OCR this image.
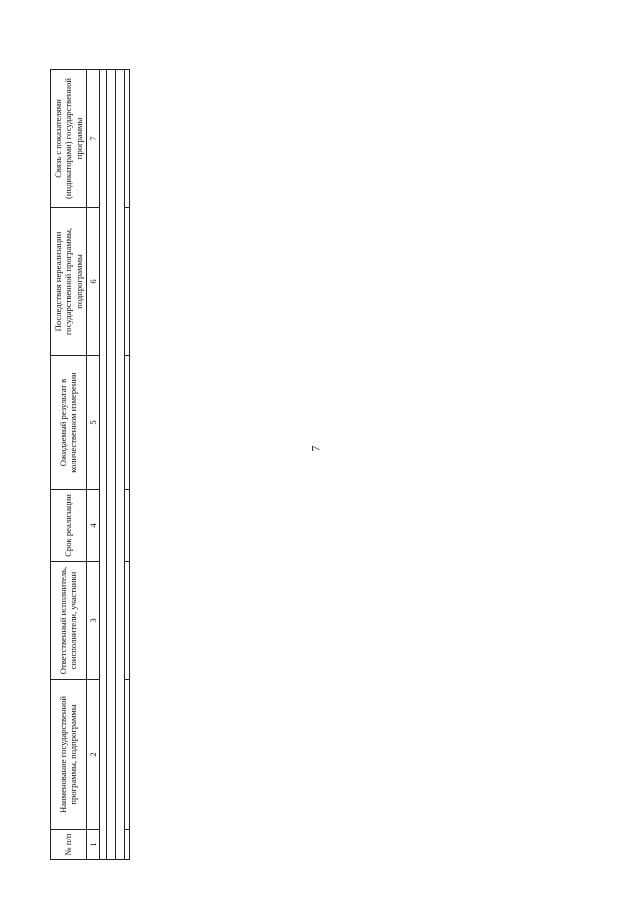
7
№ п/п	Наименование государственной программы, подпрограммы	Ответственный исполнитель, соисполнители, участники	Срок реализации	Ожидаемый результат в количественном измерении	Последствия нереализации государственной программы, подпрограммы	Связь с показателями (индикаторами) государственной программы
1	2	3	4	5	6	7
